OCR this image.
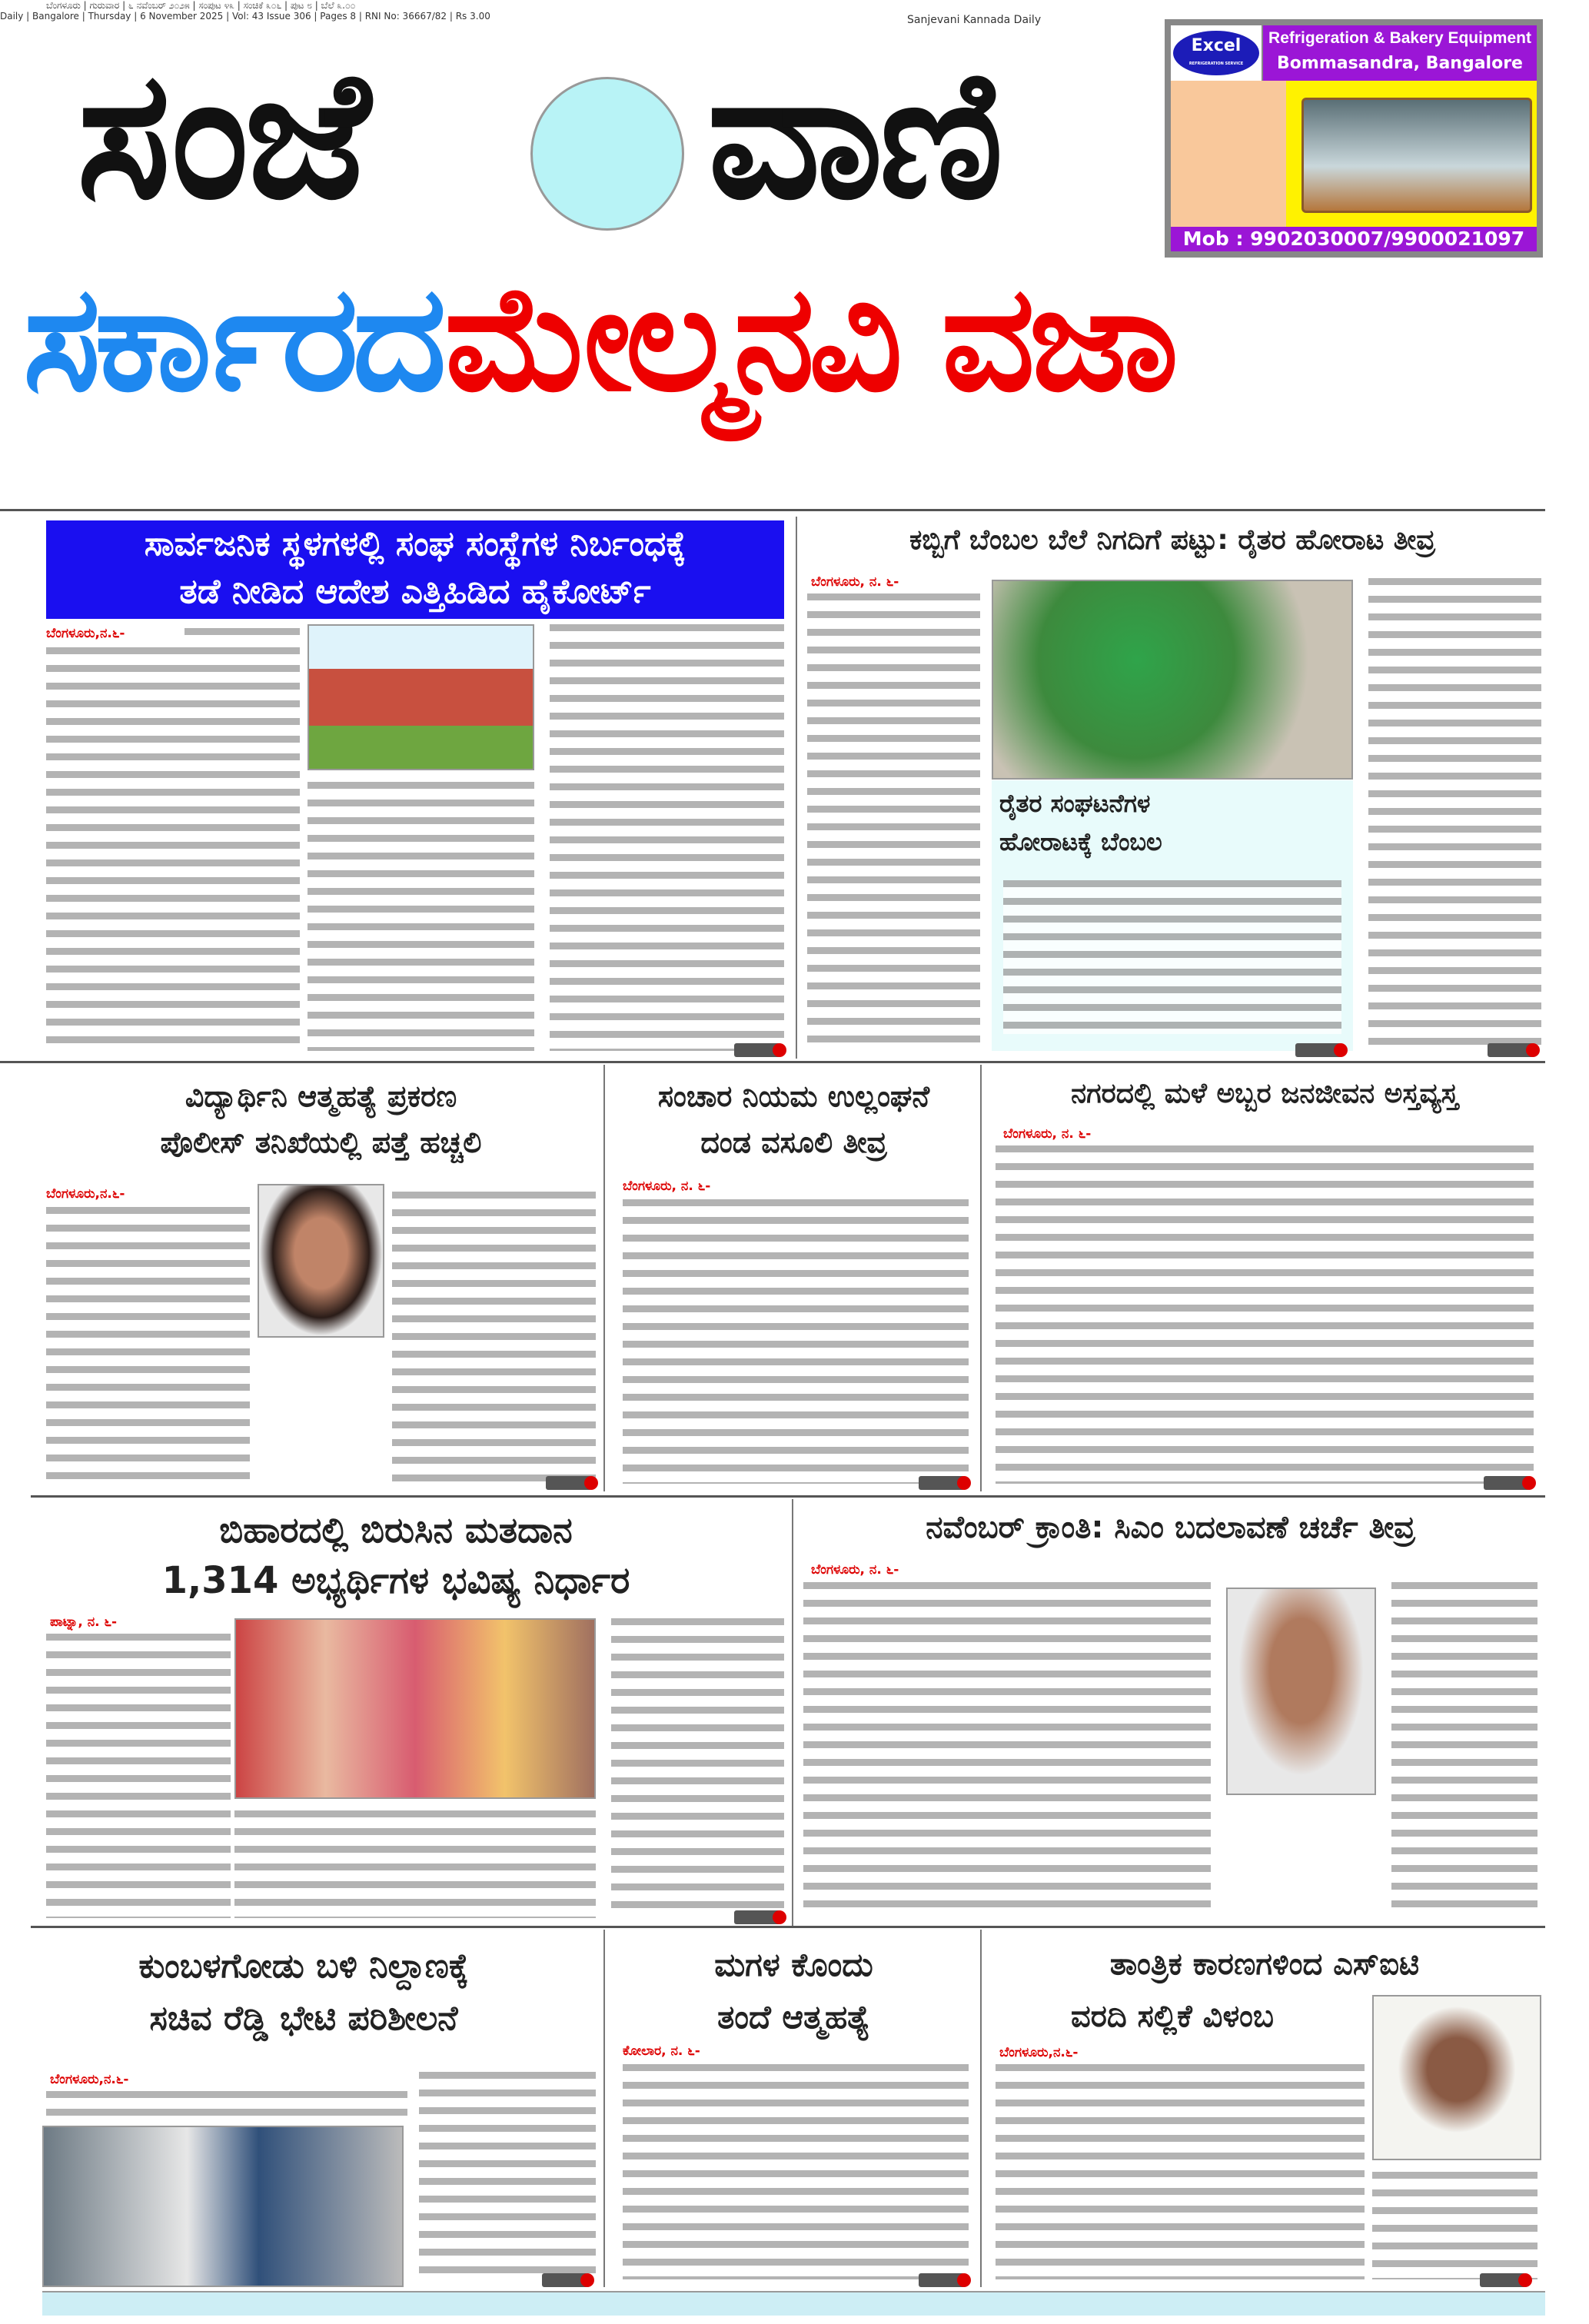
ಬೆಂಗಳೂರು | ಗುರುವಾರ | ೬ ನವೆಂಬರ್ ೨೦೨೫ | ಸಂಪುಟ ೪೩ | ಸಂಚಿಕೆ ೩೦೬ | ಪುಟ ೮ | ಬೆಲೆ ೩.೦೦
Daily | Bangalore | Thursday | 6 November 2025 | Vol: 43 Issue 306 | Pages 8 | RNI No: 36667/82 | Rs 3.00	Sanjevani Kannada Daily
ಸಂಜೆ ವಾಣಿ	Excel
REFRIGERATION SERVICE
Refrigeration & Bakery Equipment
Bommasandra, Bangalore
Mob : 9902030007/9900021097
ಸರ್ಕಾರದ ಮೇಲ್ಮನವಿ ವಜಾ
ಸಾರ್ವಜನಿಕ ಸ್ಥಳಗಳಲ್ಲಿ ಸಂಘ ಸಂಸ್ಥೆಗಳ ನಿರ್ಬಂಧಕ್ಕೆ
ತಡೆ ನೀಡಿದ ಆದೇಶ ಎತ್ತಿಹಿಡಿದ ಹೈಕೋರ್ಟ್
ಬೆಂಗಳೂರು,ನ.೬-
ಕಬ್ಬಿಗೆ ಬೆಂಬಲ ಬೆಲೆ ನಿಗದಿಗೆ ಪಟ್ಟು: ರೈತರ ಹೋರಾಟ ತೀವ್ರ
ಬೆಂಗಳೂರು, ನ. ೬-
ರೈತರ ಸಂಘಟನೆಗಳ
ಹೋರಾಟಕ್ಕೆ ಬೆಂಬಲ
ವಿದ್ಯಾರ್ಥಿನಿ ಆತ್ಮಹತ್ಯೆ ಪ್ರಕರಣ
ಪೊಲೀಸ್ ತನಿಖೆಯಲ್ಲಿ ಪತ್ತೆ ಹಚ್ಚಲಿ
ಬೆಂಗಳೂರು,ನ.೬-
ಸಂಚಾರ ನಿಯಮ ಉಲ್ಲಂಘನೆ
ದಂಡ ವಸೂಲಿ ತೀವ್ರ
ಬೆಂಗಳೂರು, ನ. ೬-
ನಗರದಲ್ಲಿ ಮಳೆ ಅಬ್ಬರ ಜನಜೀವನ ಅಸ್ತವ್ಯಸ್ತ
ಬೆಂಗಳೂರು, ನ. ೬-
ಬಿಹಾರದಲ್ಲಿ ಬಿರುಸಿನ ಮತದಾನ
1,314 ಅಭ್ಯರ್ಥಿಗಳ ಭವಿಷ್ಯ ನಿರ್ಧಾರ
ಪಾಟ್ನಾ, ನ. ೬-
ನವೆಂಬರ್ ಕ್ರಾಂತಿ: ಸಿಎಂ ಬದಲಾವಣೆ ಚರ್ಚೆ ತೀವ್ರ
ಬೆಂಗಳೂರು, ನ. ೬-
ಕುಂಬಳಗೋಡು ಬಳಿ ನಿಲ್ದಾಣಕ್ಕೆ
ಸಚಿವ ರೆಡ್ಡಿ ಭೇಟಿ ಪರಿಶೀಲನೆ
ಬೆಂಗಳೂರು,ನ.೬-
ಮಗಳ ಕೊಂದು
ತಂದೆ ಆತ್ಮಹತ್ಯೆ
ಕೋಲಾರ, ನ. ೬-
ತಾಂತ್ರಿಕ ಕಾರಣಗಳಿಂದ ಎಸ್‌ಐಟಿ
ವರದಿ ಸಲ್ಲಿಕೆ ವಿಳಂಬ
ಬೆಂಗಳೂರು,ನ.೬-
